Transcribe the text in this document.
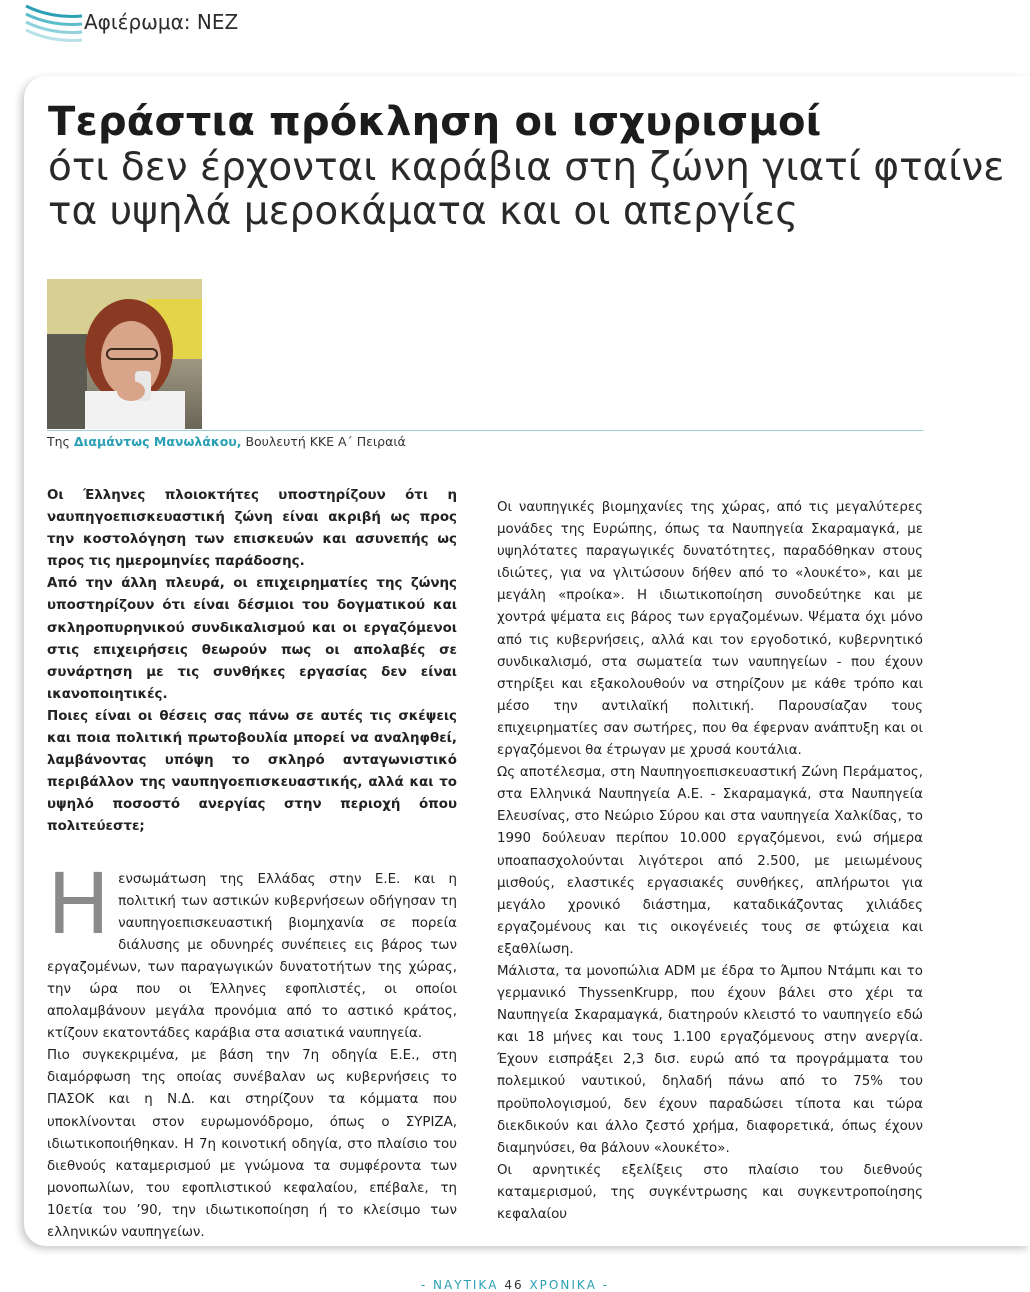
Αφιέρωμα: ΝΕΖ
Τεράστια πρόκληση οι ισχυρισμοί
ότι δεν έρχονται καράβια στη ζώνη γιατί φταίνε
τα υψηλά μεροκάματα και οι απεργίες
Της Διαμάντως Μανωλάκου, Βουλευτή ΚΚΕ Α΄ Πειραιά

Οι Έλληνες πλοιοκτήτες υποστηρίζουν ότι η ναυπηγοεπισκευαστική ζώνη είναι ακριβή ως προς την κοστολόγηση των επισκευών και ασυνεπής ως προς τις ημερομηνίες παράδοσης.

Από την άλλη πλευρά, οι επιχειρηματίες της ζώνης υποστηρίζουν ότι είναι δέσμιοι του δογματικού και σκληροπυρηνικού συνδικαλισμού και οι εργαζόμενοι στις επιχειρήσεις θεωρούν πως οι απολαβές σε συνάρτηση με τις συνθήκες εργασίας δεν είναι ικανοποιητικές.

Ποιες είναι οι θέσεις σας πάνω σε αυτές τις σκέψεις και ποια πολιτική πρωτοβουλία μπορεί να αναληφθεί, λαμβάνοντας υπόψη το σκληρό ανταγωνιστικό περιβάλλον της ναυπηγοεπισκευαστικής, αλλά και το υψηλό ποσοστό ανεργίας στην περιοχή όπου πολιτεύεστε;

Ηενσωμάτωση της Ελλάδας στην Ε.Ε. και η πολιτική των αστικών κυβερνήσεων οδήγησαν τη ναυπηγοεπισκευαστική βιομηχανία σε πορεία διάλυσης με οδυνηρές συνέπειες εις βάρος των εργαζομένων, των παραγωγικών δυνατοτήτων της χώρας, την ώρα που οι Έλληνες εφοπλιστές, οι οποίοι απολαμβάνουν μεγάλα προνόμια από το αστικό κράτος, κτίζουν εκατοντάδες καράβια στα ασιατικά ναυπηγεία.

Πιο συγκεκριμένα, με βάση την 7η οδηγία Ε.Ε., στη διαμόρφωση της οποίας συνέβαλαν ως κυβερνήσεις το ΠΑΣΟΚ και η Ν.Δ. και στηρίζουν τα κόμματα που υποκλίνονται στον ευρωμονόδρομο, όπως ο ΣΥΡΙΖΑ, ιδιωτικοποιήθηκαν. Η 7η κοινοτική οδηγία, στο πλαίσιο του διεθνούς καταμερισμού με γνώμονα τα συμφέροντα των μονοπωλίων, του εφοπλιστικού κεφαλαίου, επέβαλε, τη 10ετία του ’90, την ιδιωτικοποίηση ή το κλείσιμο των ελληνικών ναυπηγείων.

Οι ναυπηγικές βιομηχανίες της χώρας, από τις μεγαλύτερες μονάδες της Ευρώπης, όπως τα Ναυπηγεία Σκαραμαγκά, με υψηλότατες παραγωγικές δυνατότητες, παραδόθηκαν στους ιδιώτες, για να γλιτώσουν δήθεν από το «λουκέτο», και με μεγάλη «προίκα». Η ιδιωτικοποίηση συνοδεύτηκε και με χοντρά ψέματα εις βάρος των εργαζομένων. Ψέματα όχι μόνο από τις κυβερνήσεις, αλλά και τον εργοδοτικό, κυβερνητικό συνδικαλισμό, στα σωματεία των ναυπηγείων - που έχουν στηρίξει και εξακολουθούν να στηρίζουν με κάθε τρόπο και μέσο την αντιλαϊκή πολιτική. Παρουσίαζαν τους επιχειρηματίες σαν σωτήρες, που θα έφερναν ανάπτυξη και οι εργαζόμενοι θα έτρωγαν με χρυσά κουτάλια.

Ως αποτέλεσμα, στη Ναυπηγοεπισκευαστική Ζώνη Περάματος, στα Ελληνικά Ναυπηγεία Α.Ε. - Σκαραμαγκά, στα Ναυπηγεία Ελευσίνας, στο Νεώριο Σύρου και στα ναυπηγεία Χαλκίδας, το 1990 δούλευαν περίπου 10.000 εργαζόμενοι, ενώ σήμερα υποαπασχολούνται λιγότεροι από 2.500, με μειωμένους μισθούς, ελαστικές εργασιακές συνθήκες, απλήρωτοι για μεγάλο χρονικό διάστημα, καταδικάζοντας χιλιάδες εργαζομένους και τις οικογένειές τους σε φτώχεια και εξαθλίωση.

Μάλιστα, τα μονοπώλια ADM με έδρα το Άμπου Ντάμπι και το γερμανικό ThyssenKrupp, που έχουν βάλει στο χέρι τα Ναυπηγεία Σκαραμαγκά, διατηρούν κλειστό το ναυπηγείο εδώ και 18 μήνες και τους 1.100 εργαζόμενους στην ανεργία. Έχουν εισπράξει 2,3 δισ. ευρώ από τα προγράμματα του πολεμικού ναυτικού, δηλαδή πάνω από το 75% του προϋπολογισμού, δεν έχουν παραδώσει τίποτα και τώρα διεκδικούν και άλλο ζεστό χρήμα, διαφορετικά, όπως έχουν διαμηνύσει, θα βάλουν «λουκέτο».

Οι αρνητικές εξελίξεις στο πλαίσιο του διεθνούς καταμερισμού, της συγκέντρωσης και συγκεντροποίησης κεφαλαίου

- ΝΑΥΤΙΚΑ 46 ΧΡΟΝΙΚΑ -
